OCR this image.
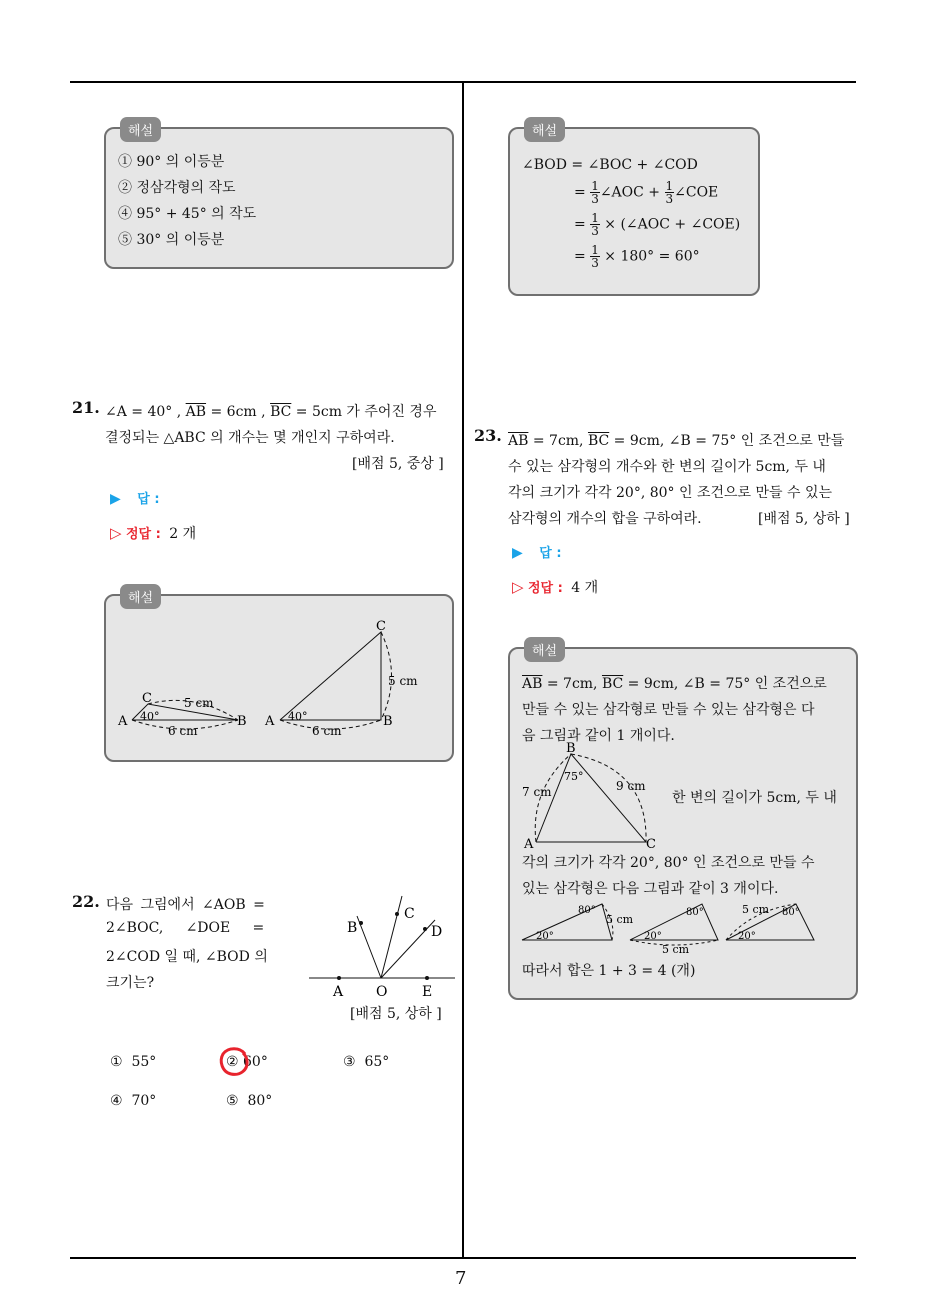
7
해설
① 90° 의 이등분
② 정삼각형의 작도
④ 95° + 45° 의 작도
⑤ 30° 의 이등분
21. ∠A = 40° , $\overline{AB} = 6cm$ , $\overline{BC} = 5cm$ 가 주어진 경우
결정되는 △ABC 의 개수는 몇 개인지 구하여라.
[배점 5, 중상 ]
▶ 답 :
▷ 정답 : 2 개
해설
C
A	B
40°
5 cm
6 cm
C
A	B
40°
5 cm
6 cm
22. 다음 그림에서 ∠AOB =
2∠BOC,     ∠DOE     =
2∠COD 일 때, ∠BOD 의
크기는?
A O E
B
C
D
[배점 5, 상하 ]
① 55°	② 60°	③ 65°
④ 70°	⑤ 80°
해설
∠BOD = ∠BOC + ∠COD
= $\frac{1}{3}$ ∠AOC + $\frac{1}{3}$ ∠COE
= $\frac{1}{3}$ × (∠AOC + ∠COE)
= $\frac{1}{3} \times 180^\circ = 60^\circ$
23. $\overline{AB} = 7cm$, $\overline{BC} = 9cm$, ∠B = 75° 인 조건으로 만들
수 있는 삼각형의 개수와 한 변의 길이가 5cm, 두 내
각의 크기가 각각 20°, 80° 인 조건으로 만들 수 있는
삼각형의 개수의 합을 구하여라.	[배점 5, 상하 ]
▶ 답 :
▷ 정답 : 4 개
해설
$\overline{AB} = 7cm$, $\overline{BC} = 9cm$, ∠B = 75° 인 조건으로
만들 수 있는 삼각형로 만들 수 있는 삼각형은 다
음 그림과 같이 1 개이다.
B
A	C
75°
7 cm	9 cm
한 변의 길이가 5cm, 두 내
각의 크기가 각각 20°, 80° 인 조건으로 만들 수
있는 삼각형은 다음 그림과 같이 3 개이다.
20°
80°
5 cm
20°
80°
5 cm
20°
80°
5 cm
따라서 합은 1 + 3 = 4 (개)
